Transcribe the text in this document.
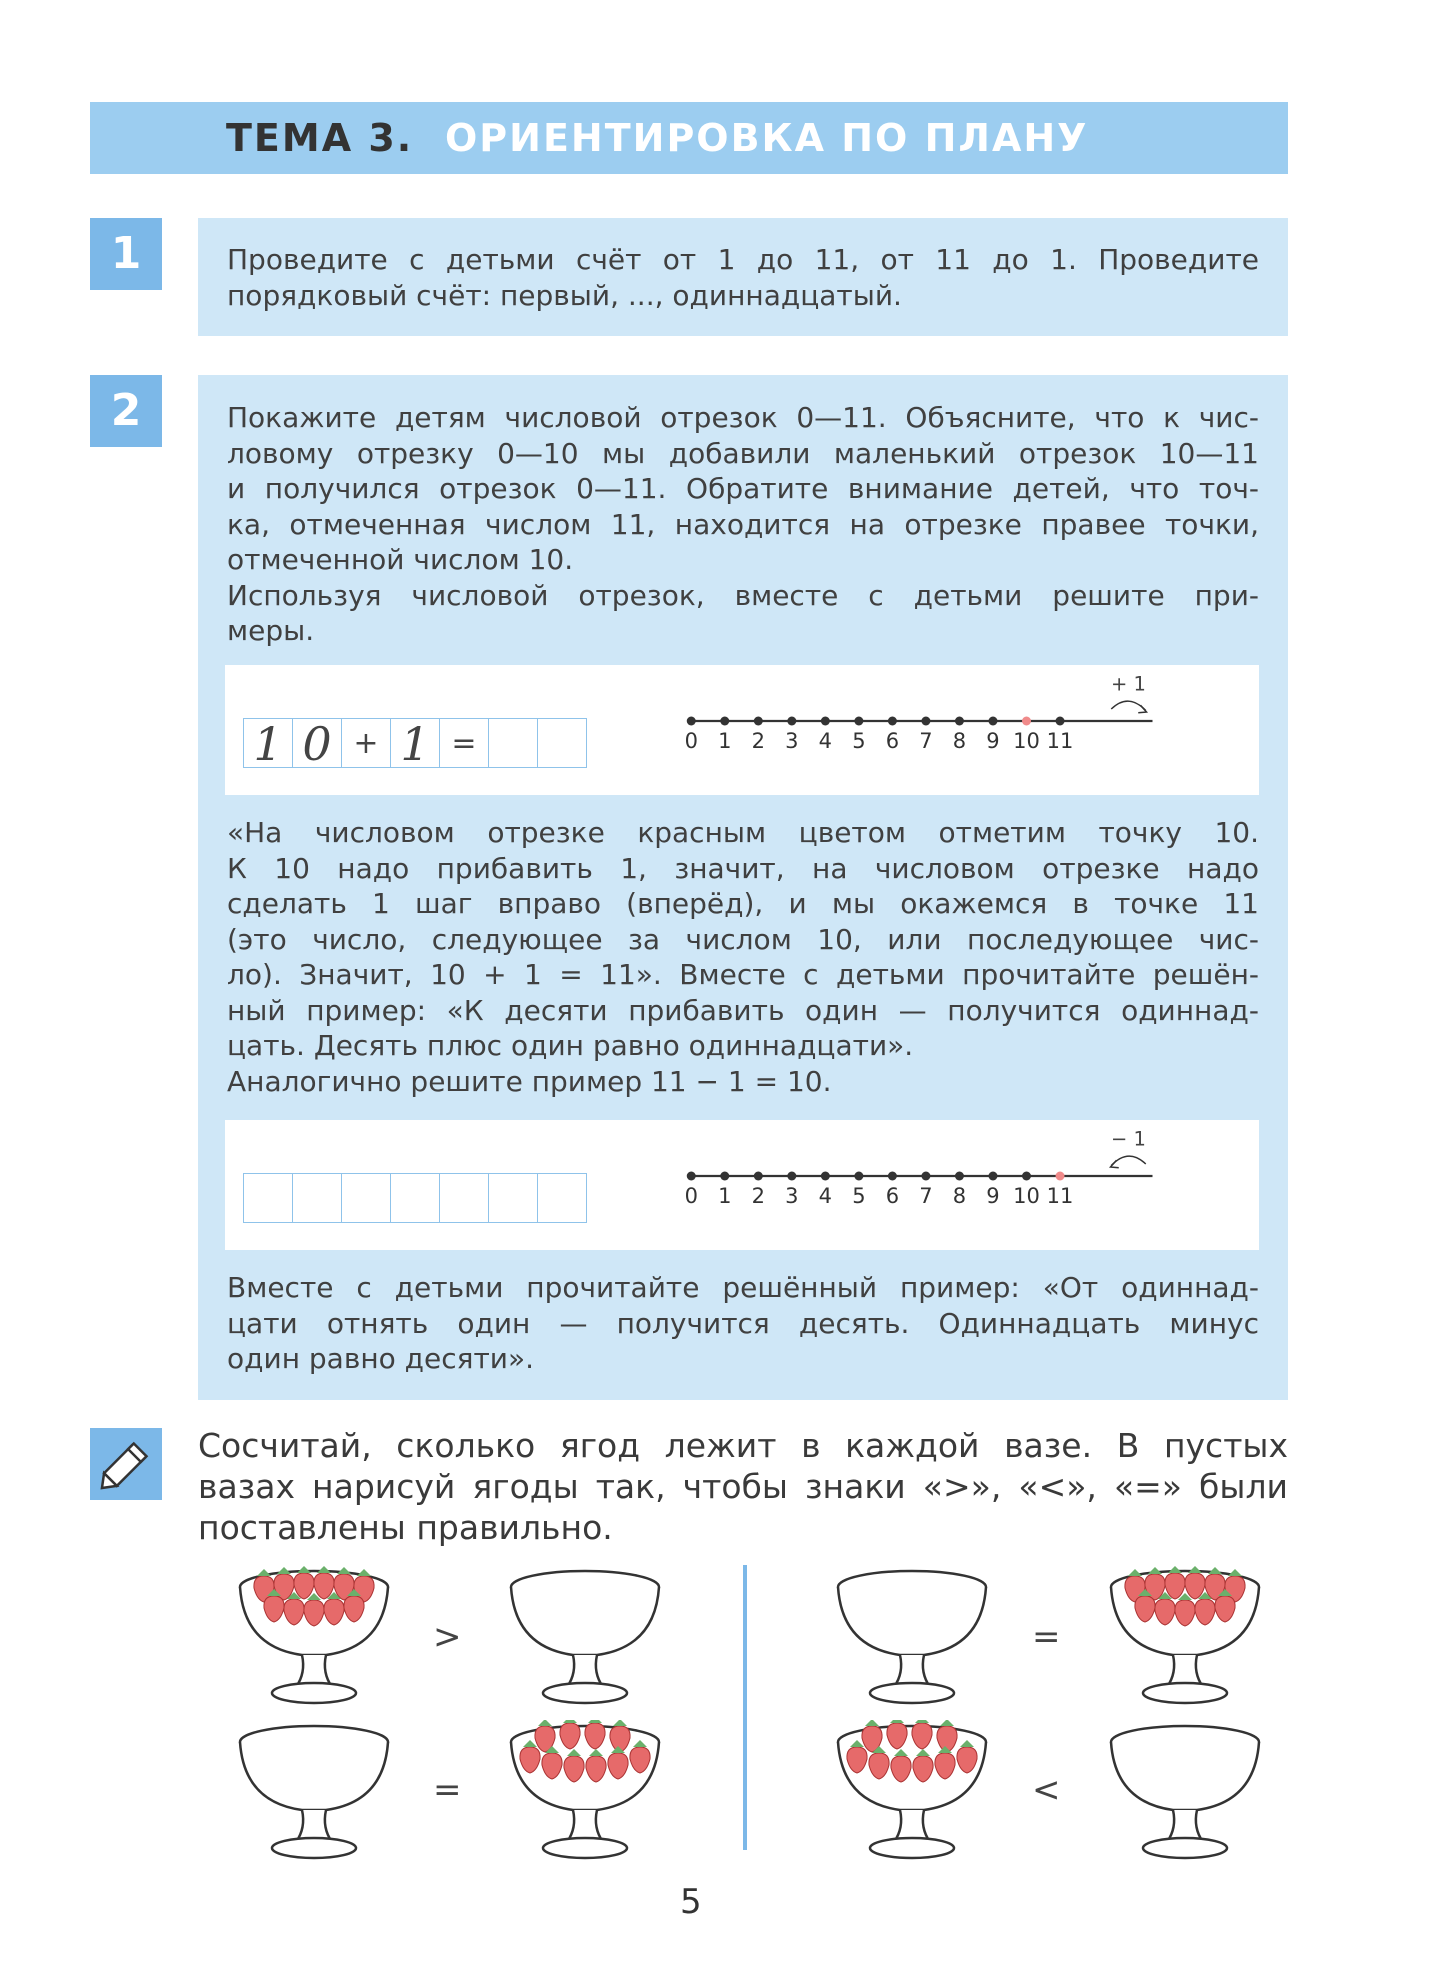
ТЕМА 3. ОРИЕНТИРОВКА ПО ПЛАНУ
1	Проведите с детьми счёт от 1 до 11, от 11 до 1. Проведите
порядковый счёт: первый, ..., одиннадцатый.
2	Покажите детям числовой отрезок 0—11. Объясните, что к чис-
ловому отрезку 0—10 мы добавили маленький отрезок 10—11
и получился отрезок 0—11. Обратите внимание детей, что точ-
ка, отмеченная числом 11, находится на отрезке правее точки,
отмеченной числом 10.
Используя числовой отрезок, вместе с детьми решите при-
меры.
1 0 + 1 =
+ 1
0 1 2 3 4 5 6 7 8 9 10 11
«На числовом отрезке красным цветом отметим точку 10.
К 10 надо прибавить 1, значит, на числовом отрезке надо
сделать 1 шаг вправо (вперёд), и мы окажемся в точке 11
(это число, следующее за числом 10, или последующее чис-
ло). Значит, 10 + 1 = 11». Вместе с детьми прочитайте решён-
ный пример: «К десяти прибавить один — получится одиннад-
цать. Десять плюс один равно одиннадцати».
Аналогично решите пример 11 − 1 = 10.
− 1
0 1 2 3 4 5 6 7 8 9 10 11
Вместе с детьми прочитайте решённый пример: «От одиннад-
цати отнять один — получится десять. Одиннадцать минус
один равно десяти».
Сосчитай, сколько ягод лежит в каждой вазе. В пустых
вазах нарисуй ягоды так, чтобы знаки «>», «<», «=» были
поставлены правильно.
>
=
=
<
5
